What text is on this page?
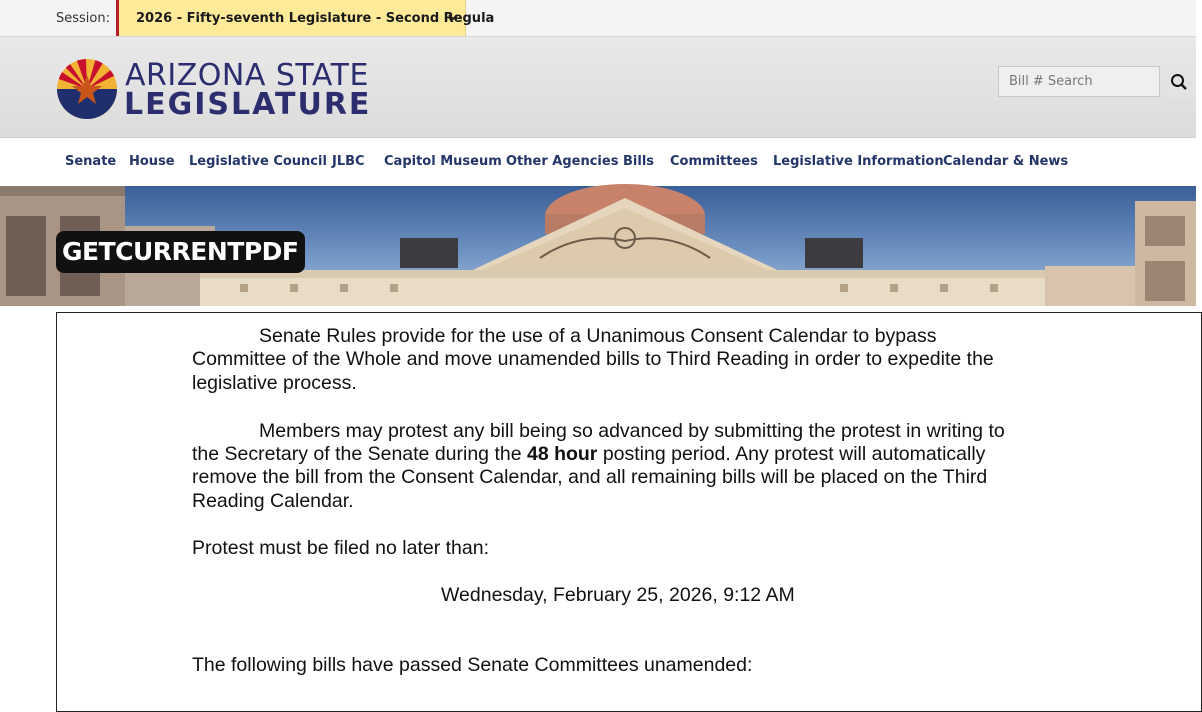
Session: 2026 - Fifty-seventh Legislature - Second Regula
ARIZONA STATE
LEGISLATURE
Bill # Search
Senate House Legislative Council JLBC Capitol Museum Other Agencies Bills Committees Legislative Information Calendar & News
GETCURRENTPDF
Senate Rules provide for the use of a Unanimous Consent Calendar to bypass
Committee of the Whole and move unamended bills to Third Reading in order to expedite the
legislative process.
Members may protest any bill being so advanced by submitting the protest in writing to
the Secretary of the Senate during the 48 hour posting period. Any protest will automatically
remove the bill from the Consent Calendar, and all remaining bills will be placed on the Third
Reading Calendar.
Protest must be filed no later than:
Wednesday, February 25, 2026, 9:12 AM
The following bills have passed Senate Committees unamended:
